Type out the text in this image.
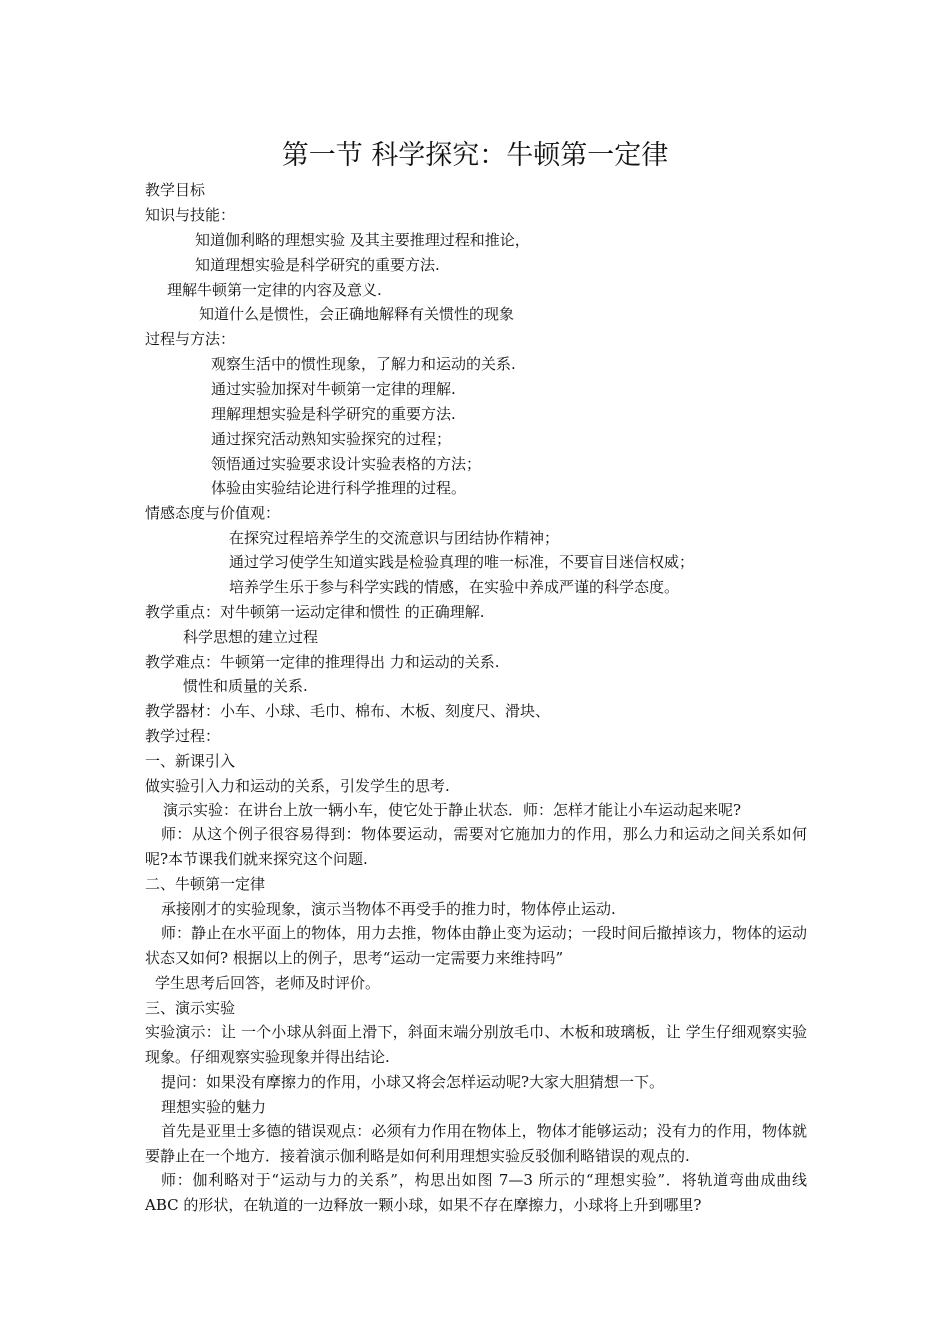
第一节 科学探究：牛顿第一定律
教学目标
知识与技能：
知道伽利略的理想实验 及其主要推理过程和推论，
知道理想实验是科学研究的重要方法.
理解牛顿第一定律的内容及意义.
知道什么是惯性，会正确地解释有关惯性的现象
过程与方法：
观察生活中的惯性现象，了解力和运动的关系.
通过实验加探对牛顿第一定律的理解.
理解理想实验是科学研究的重要方法.
通过探究活动熟知实验探究的过程；
领悟通过实验要求设计实验表格的方法；
体验由实验结论进行科学推理的过程。
情感态度与价值观：
在探究过程培养学生的交流意识与团结协作精神；
通过学习使学生知道实践是检验真理的唯一标准，不要盲目迷信权威；
培养学生乐于参与科学实践的情感，在实验中养成严谨的科学态度。
教学重点：对牛顿第一运动定律和惯性 的正确理解.
科学思想的建立过程
教学难点：牛顿第一定律的推理得出 力和运动的关系.
惯性和质量的关系.
教学器材：小车、小球、毛巾、棉布、木板、刻度尺、滑块、
教学过程：
一、新课引入
做实验引入力和运动的关系，引发学生的思考.
演示实验：在讲台上放一辆小车，使它处于静止状态．师：怎样才能让小车运动起来呢?
师：从这个例子很容易得到：物体要运动，需要对它施加力的作用，那么力和运动之间关系如何呢?本节课我们就来探究这个问题.
二、牛顿第一定律
承接刚才的实验现象，演示当物体不再受手的推力时，物体停止运动.
师：静止在水平面上的物体，用力去推，物体由静止变为运动；一段时间后撤掉该力，物体的运动状态又如何? 根据以上的例子，思考“运动一定需要力来维持吗”
学生思考后回答，老师及时评价。
三、演示实验
实验演示：让 一个小球从斜面上滑下，斜面末端分别放毛巾、木板和玻璃板，让 学生仔细观察实验现象。仔细观察实验现象并得出结论.
提问：如果没有摩擦力的作用，小球又将会怎样运动呢?大家大胆猜想一下。
理想实验的魅力
首先是亚里士多德的错误观点：必须有力作用在物体上，物体才能够运动；没有力的作用，物体就要静止在一个地方．接着演示伽利略是如何利用理想实验反驳伽利略错误的观点的.
师：伽利略对于“运动与力的关系”，构思出如图 7—3 所示的“理想实验”．将轨道弯曲成曲线 ABC 的形状，在轨道的一边释放一颗小球，如果不存在摩擦力，小球将上升到哪里?
